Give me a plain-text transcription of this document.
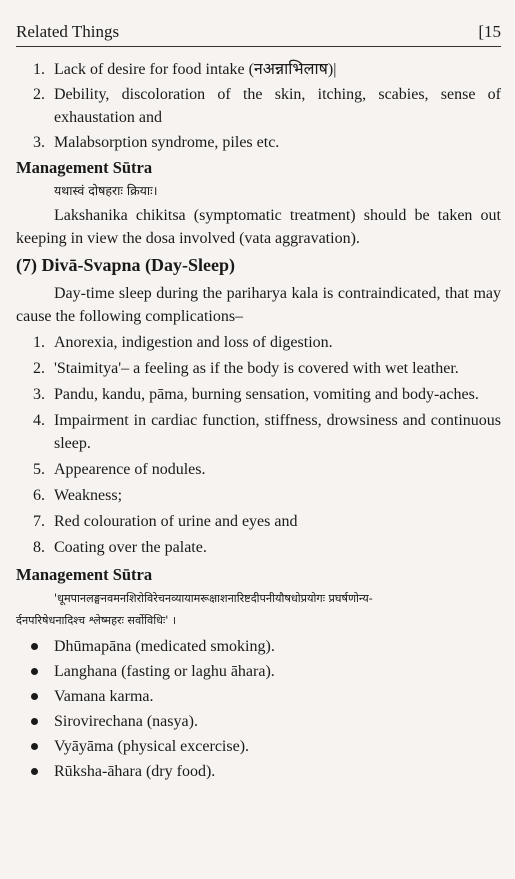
Related Things	[15
1. Lack of desire for food intake (नअन्नाभिलाष)|
2. Debility, discoloration of the skin, itching, scabies, sense of exhaustation and
3. Malabsorption syndrome, piles etc.

Management Sūtra

यथास्वं दोषहराः क्रियाः।

Lakshanika chikitsa (symptomatic treatment) should be taken out keeping in view the dosa involved (vata aggravation).

(7) Divā-Svapna (Day-Sleep)

Day-time sleep during the pariharya kala is contraindicated, that may cause the following complications–

1. Anorexia, indigestion and loss of digestion.
2. 'Staimitya'– a feeling as if the body is covered with wet leather.
3. Pandu, kandu, pāma, burning sensation, vomiting and body-aches.
4. Impairment in cardiac function, stiffness, drowsiness and continuous sleep.
5. Appearence of nodules.
6. Weakness;
7. Red colouration of urine and eyes and
8. Coating over the palate.

Management Sūtra

'धूमपानलङ्घनवमनशिरोविरेचनव्यायामरूक्षाशनारिष्टदीपनीयौषधोप्रयोगः प्रघर्षणोन्य-

र्दनपरिषेधनादिश्च श्लेष्महरः सर्वोविधिः' ।

Dhūmapāna (medicated smoking).
Langhana (fasting or laghu āhara).
Vamana karma.
Sirovirechana (nasya).
Vyāyāma (physical excercise).
Rūksha-āhara (dry food).
